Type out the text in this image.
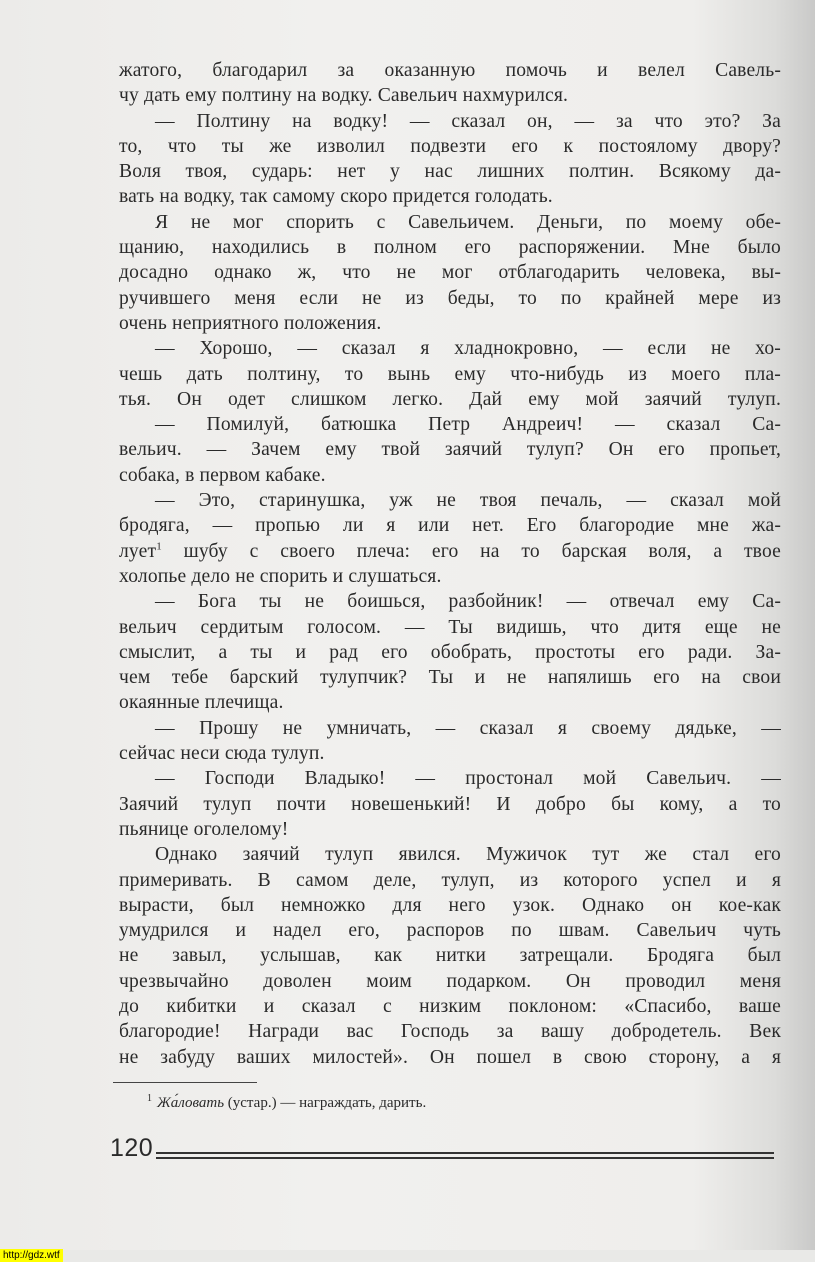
жатого, благодарил за оказанную помочь и велел Савель-
чу дать ему полтину на водку. Савельич нахмурился.
— Полтину на водку! — сказал он, — за что это? За
то, что ты же изволил подвезти его к постоялому двору?
Воля твоя, сударь: нет у нас лишних полтин. Всякому да-
вать на водку, так самому скоро придется голодать.
Я не мог спорить с Савельичем. Деньги, по моему обе-
щанию, находились в полном его распоряжении. Мне было
досадно однако ж, что не мог отблагодарить человека, вы-
ручившего меня если не из беды, то по крайней мере из
очень неприятного положения.
— Хорошо, — сказал я хладнокровно, — если не хо-
чешь дать полтину, то вынь ему что-нибудь из моего пла-
тья. Он одет слишком легко. Дай ему мой заячий тулуп.
— Помилуй, батюшка Петр Андреич! — сказал Са-
вельич. — Зачем ему твой заячий тулуп? Он его пропьет,
собака, в первом кабаке.
— Это, старинушка, уж не твоя печаль, — сказал мой
бродяга, — пропью ли я или нет. Его благородие мне жа-
лует$^1$ шубу с своего плеча: его на то барская воля, а твое
холопье дело не спорить и слушаться.
— Бога ты не боишься, разбойник! — отвечал ему Са-
вельич сердитым голосом. — Ты видишь, что дитя еще не
смыслит, а ты и рад его обобрать, простоты его ради. За-
чем тебе барский тулупчик? Ты и не напялишь его на свои
окаянные плечища.
— Прошу не умничать, — сказал я своему дядьке, —
сейчас неси сюда тулуп.
— Господи Владыко! — простонал мой Савельич. —
Заячий тулуп почти новешенький! И добро бы кому, а то
пьянице оголелому!
Однако заячий тулуп явился. Мужичок тут же стал его
примеривать. В самом деле, тулуп, из которого успел и я
вырасти, был немножко для него узок. Однако он кое-как
умудрился и надел его, распоров по швам. Савельич чуть
не завыл, услышав, как нитки затрещали. Бродяга был
чрезвычайно доволен моим подарком. Он проводил меня
до кибитки и сказал с низким поклоном: «Спасибо, ваше
благородие! Награди вас Господь за вашу добродетель. Век
не забуду ваших милостей». Он пошел в свою сторону, а я
$^1$ Жа́ловать (устар.) — награждать, дарить.
120
http://gdz.wtf
